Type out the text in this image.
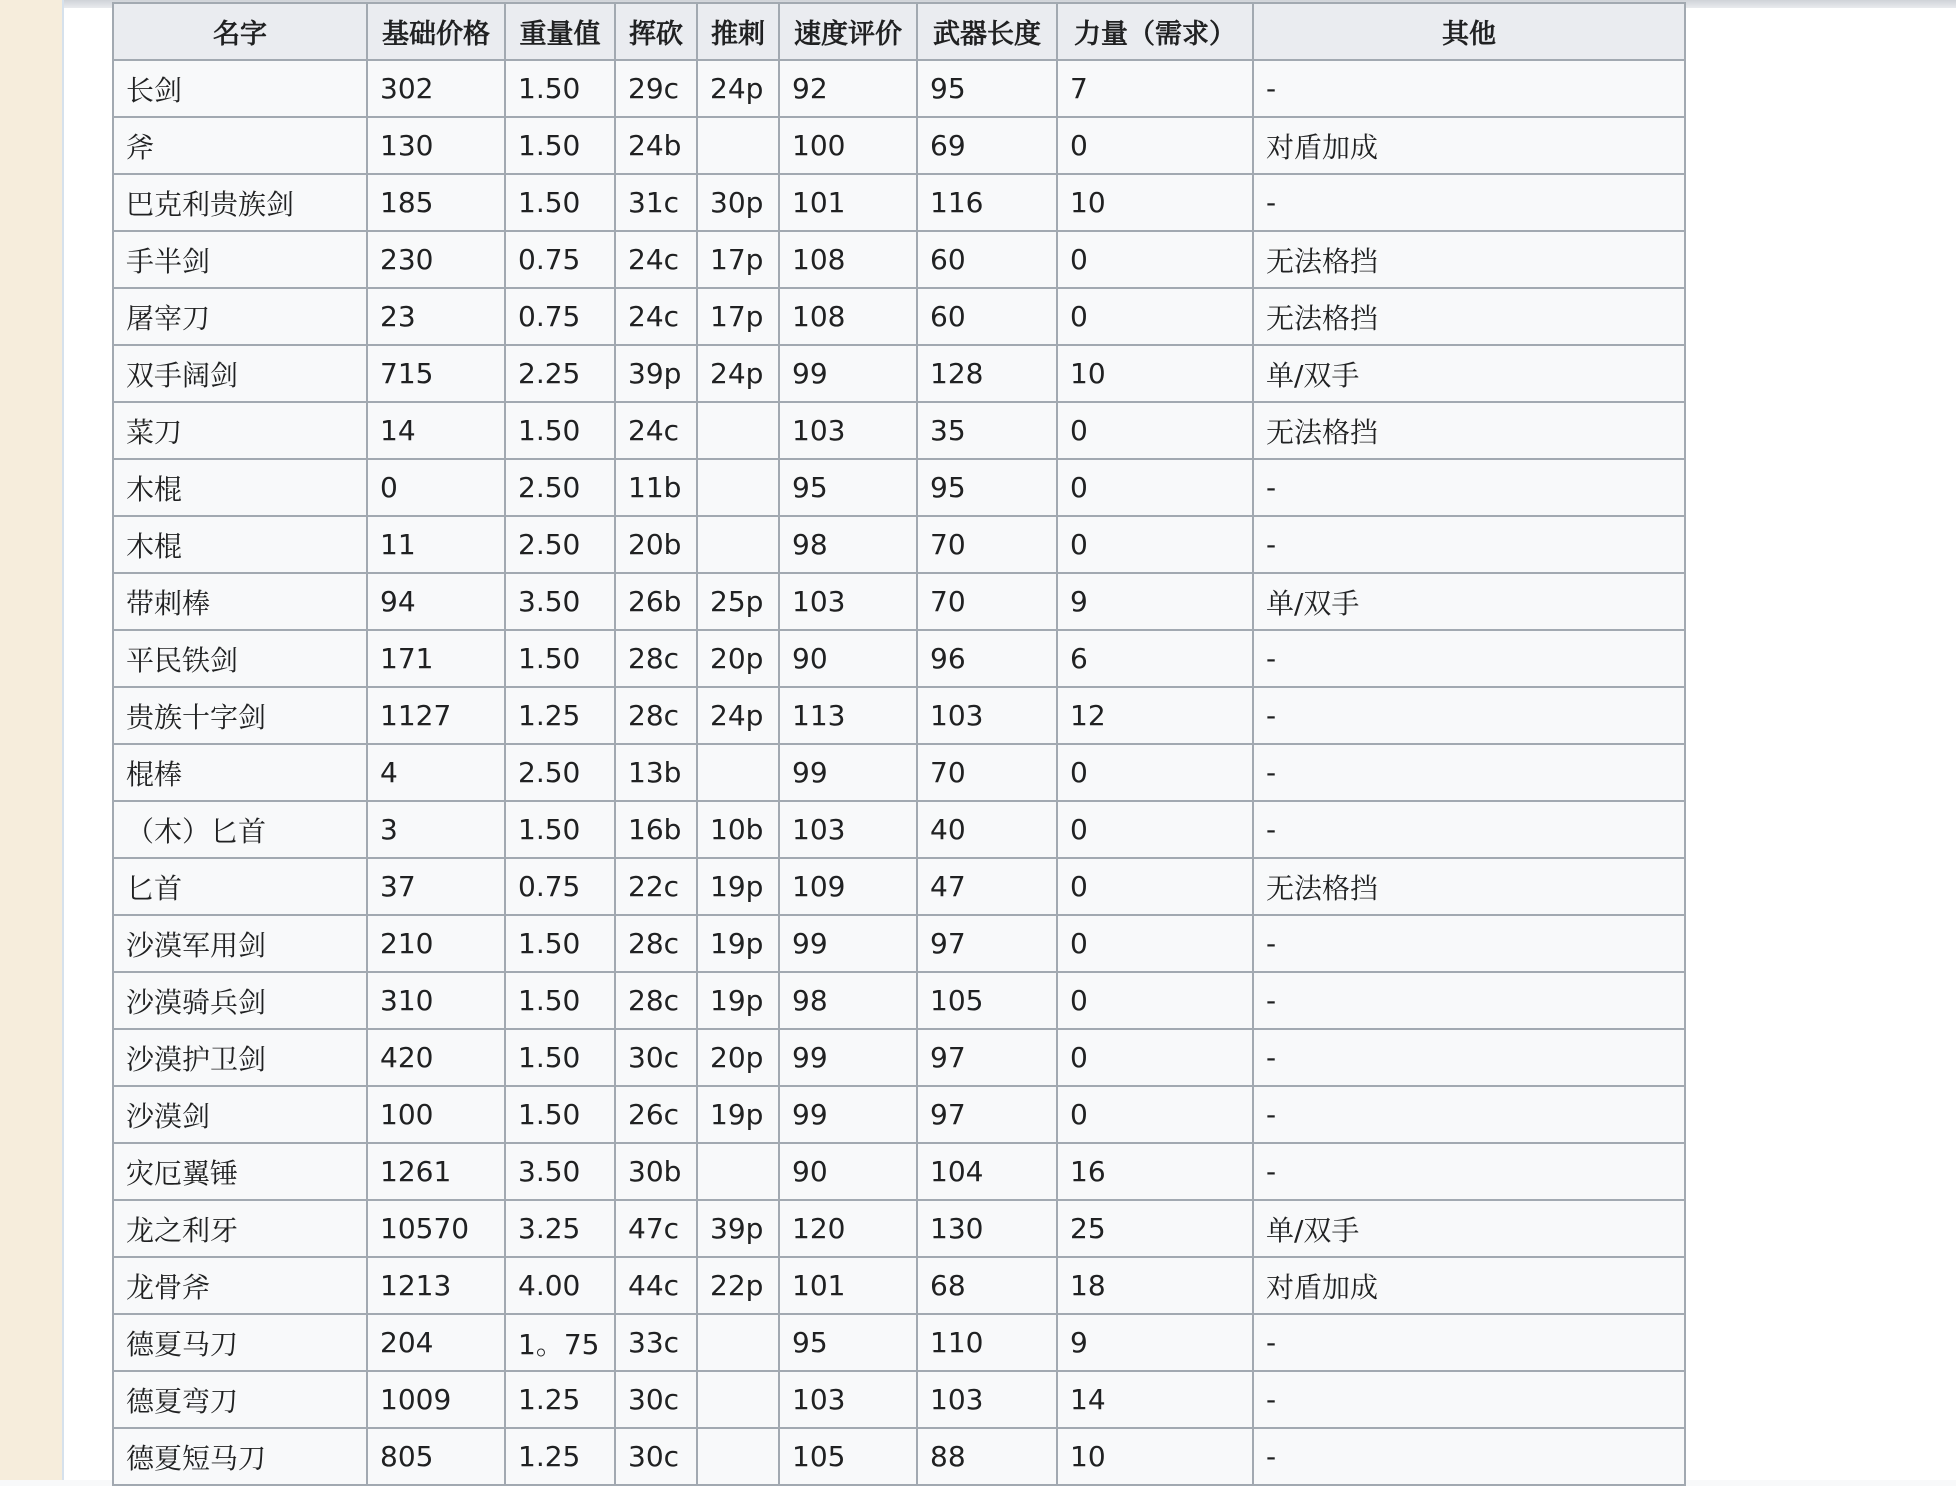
名字	基础价格	重量值	挥砍	推刺	速度评价	武器长度	力量（需求）	其他
长剑	302	1.50	29c	24p	92	95	7	-
斧	130	1.50	24b		100	69	0	对盾加成
巴克利贵族剑	185	1.50	31c	30p	101	116	10	-
手半剑	230	0.75	24c	17p	108	60	0	无法格挡
屠宰刀	23	0.75	24c	17p	108	60	0	无法格挡
双手阔剑	715	2.25	39p	24p	99	128	10	单/双手
菜刀	14	1.50	24c		103	35	0	无法格挡
木棍	0	2.50	11b		95	95	0	-
木棍	11	2.50	20b		98	70	0	-
带刺棒	94	3.50	26b	25p	103	70	9	单/双手
平民铁剑	171	1.50	28c	20p	90	96	6	-
贵族十字剑	1127	1.25	28c	24p	113	103	12	-
棍棒	4	2.50	13b		99	70	0	-
（木）匕首	3	1.50	16b	10b	103	40	0	-
匕首	37	0.75	22c	19p	109	47	0	无法格挡
沙漠军用剑	210	1.50	28c	19p	99	97	0	-
沙漠骑兵剑	310	1.50	28c	19p	98	105	0	-
沙漠护卫剑	420	1.50	30c	20p	99	97	0	-
沙漠剑	100	1.50	26c	19p	99	97	0	-
灾厄翼锤	1261	3.50	30b		90	104	16	-
龙之利牙	10570	3.25	47c	39p	120	130	25	单/双手
龙骨斧	1213	4.00	44c	22p	101	68	18	对盾加成
德夏马刀	204	1。75	33c		95	110	9	-
德夏弯刀	1009	1.25	30c		103	103	14	-
德夏短马刀	805	1.25	30c		105	88	10	-
